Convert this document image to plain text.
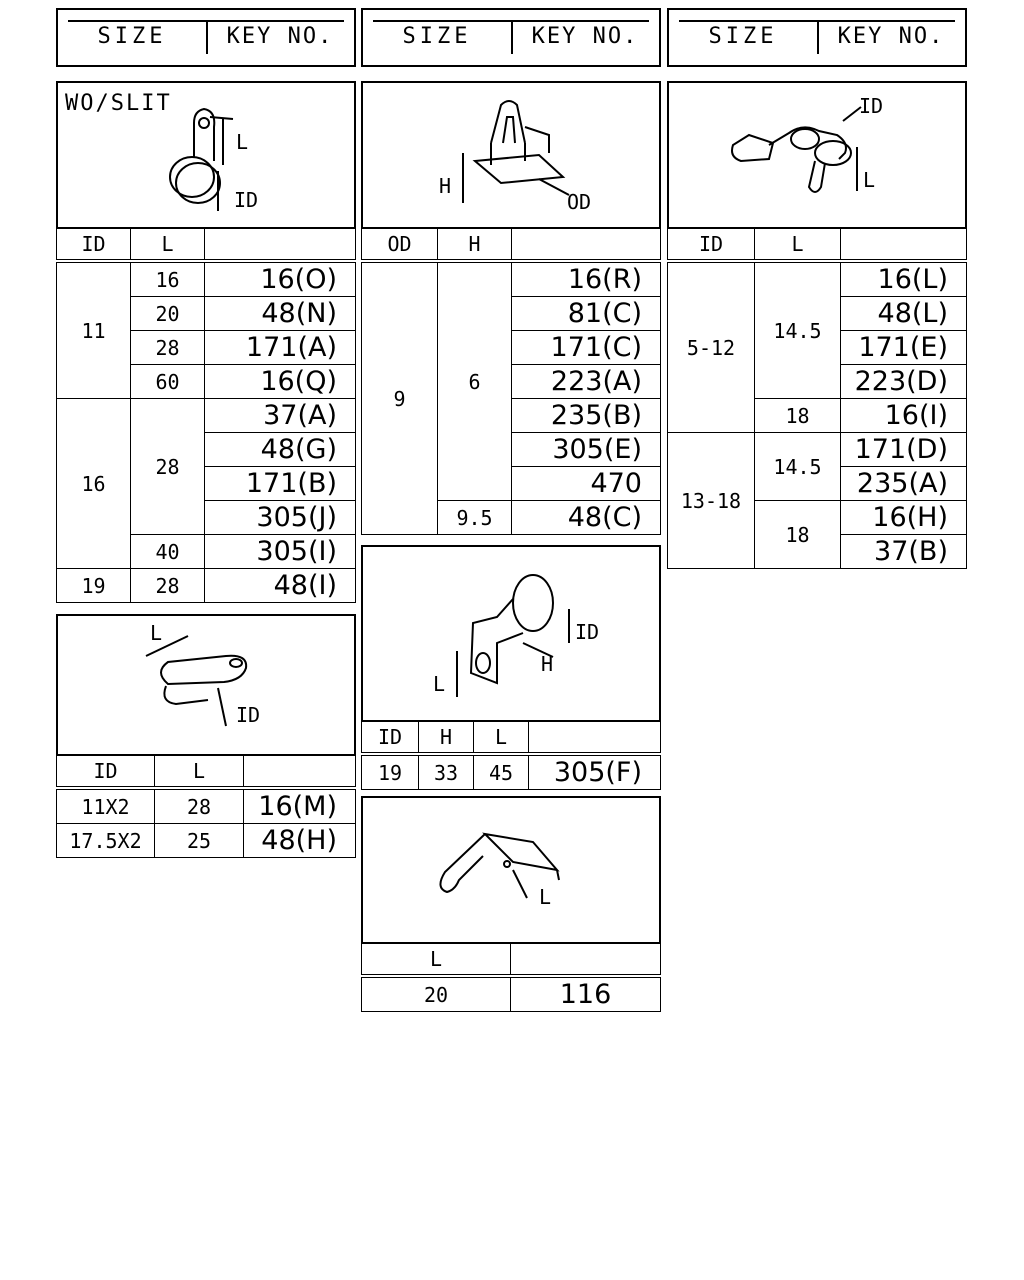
SIZE	KEY NO.	SIZE	KEY NO.	SIZE	KEY NO.
WO/SLIT
L
ID
ID	L	
11	16	16(O)
	20	48(N)
	28	171(A)
	60	16(Q)
16	28	37(A)
		48(G)
		171(B)
		305(J)
	40	305(I)
19	28	48(I)
L
ID
ID	L	
11X2	28	16(M)
17.5X2	25	48(H)
H
OD
OD	H	
9	6	16(R)
		81(C)
		171(C)
		223(A)
		235(B)
		305(E)
		470
	9.5	48(C)
ID
H
L
ID	H	L	
19	33	45	305(F)
L
L	
20	116
ID
L
ID	L	
5-12	14.5	16(L)
		48(L)
		171(E)
		223(D)
	18	16(I)
13-18	14.5	171(D)
		235(A)
	18	16(H)
		37(B)
